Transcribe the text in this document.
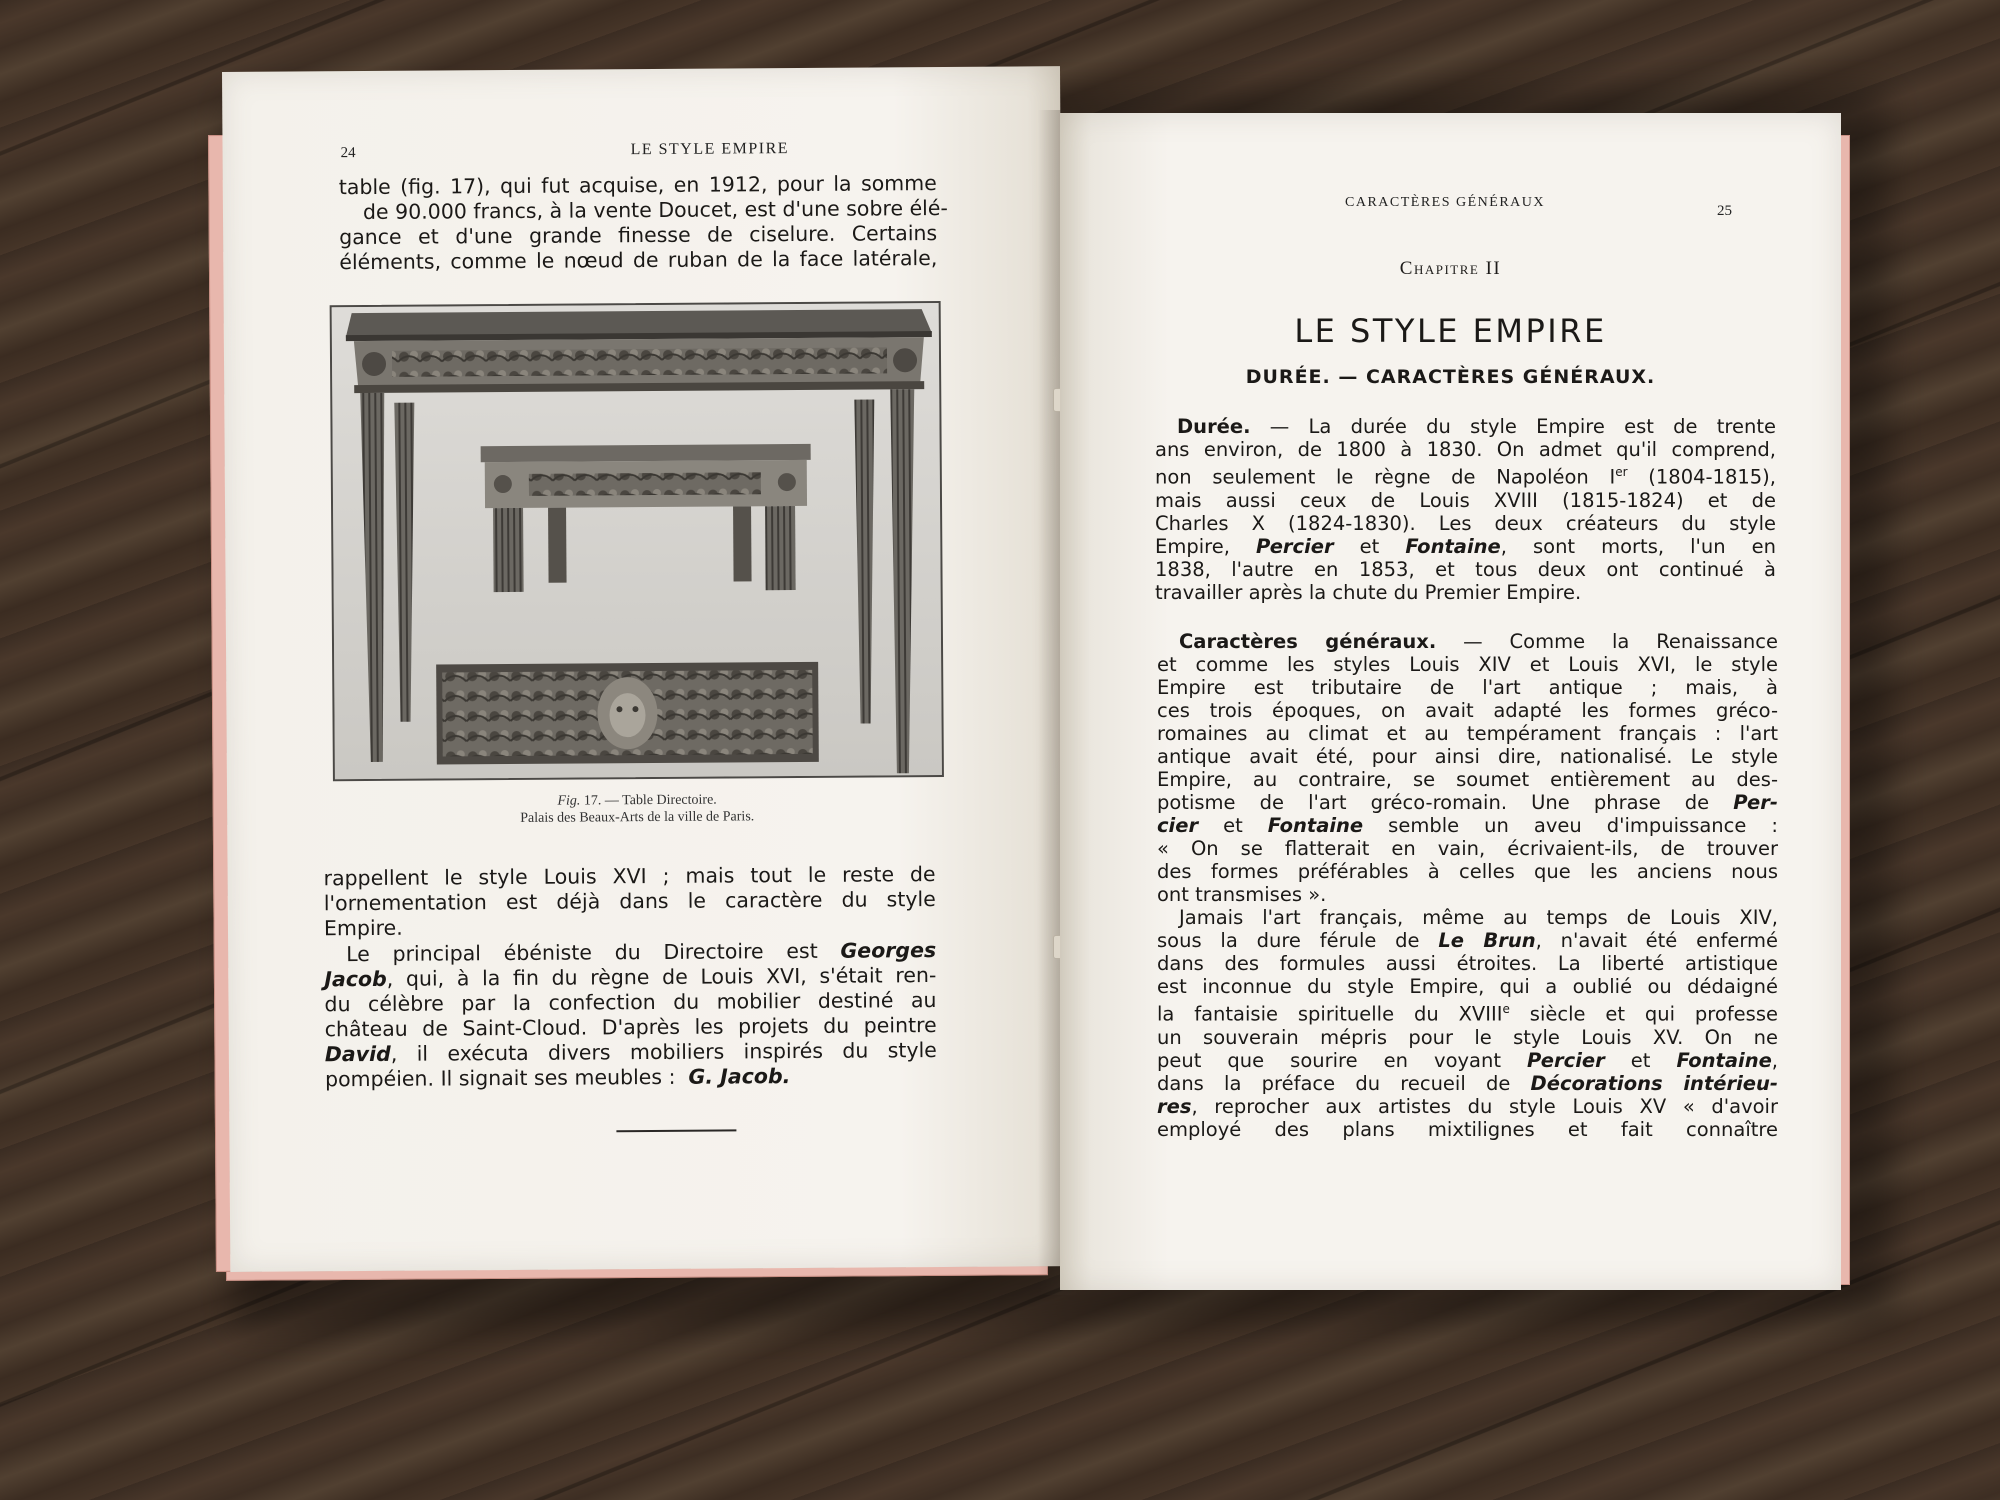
24	LE STYLE EMPIRE
table (fig. 17), qui fut acquise, en 1912, pour la somme
de 90.000 francs, à la vente Doucet, est d'une sobre élé-
gance et d'une grande finesse de ciselure. Certains
éléments, comme le nœud de ruban de la face latérale,
Fig. 17. — Table Directoire.
Palais des Beaux-Arts de la ville de Paris.
rappellent le style Louis XVI ; mais tout le reste de
l'ornementation est déjà dans le caractère du style
Empire.
Le principal ébéniste du Directoire est Georges
Jacob, qui, à la fin du règne de Louis XVI, s'était ren-
du célèbre par la confection du mobilier destiné au
château de Saint-Cloud. D'après les projets du peintre
David, il exécuta divers mobiliers inspirés du style
pompéien. Il signait ses meubles : G. Jacob.
CARACTÈRES GÉNÉRAUX
25
Chapitre II
LE STYLE EMPIRE
DURÉE. — CARACTÈRES GÉNÉRAUX.
Durée. — La durée du style Empire est de trente
ans environ, de 1800 à 1830. On admet qu'il comprend,
non seulement le règne de Napoléon Ier (1804-1815),
mais aussi ceux de Louis XVIII (1815-1824) et de
Charles X (1824-1830). Les deux créateurs du style
Empire, Percier et Fontaine, sont morts, l'un en
1838, l'autre en 1853, et tous deux ont continué à
travailler après la chute du Premier Empire.
Caractères généraux. — Comme la Renaissance
et comme les styles Louis XIV et Louis XVI, le style
Empire est tributaire de l'art antique ; mais, à
ces trois époques, on avait adapté les formes gréco-
romaines au climat et au tempérament français : l'art
antique avait été, pour ainsi dire, nationalisé. Le style
Empire, au contraire, se soumet entièrement au des-
potisme de l'art gréco-romain. Une phrase de Per-
cier et Fontaine semble un aveu d'impuissance :
« On se flatterait en vain, écrivaient-ils, de trouver
des formes préférables à celles que les anciens nous
ont transmises ».
Jamais l'art français, même au temps de Louis XIV,
sous la dure férule de Le Brun, n'avait été enfermé
dans des formules aussi étroites. La liberté artistique
est inconnue du style Empire, qui a oublié ou dédaigné
la fantaisie spirituelle du XVIIIe siècle et qui professe
un souverain mépris pour le style Louis XV. On ne
peut que sourire en voyant Percier et Fontaine,
dans la préface du recueil de Décorations intérieu-
res, reprocher aux artistes du style Louis XV « d'avoir
employé des plans mixtilignes et fait connaître
